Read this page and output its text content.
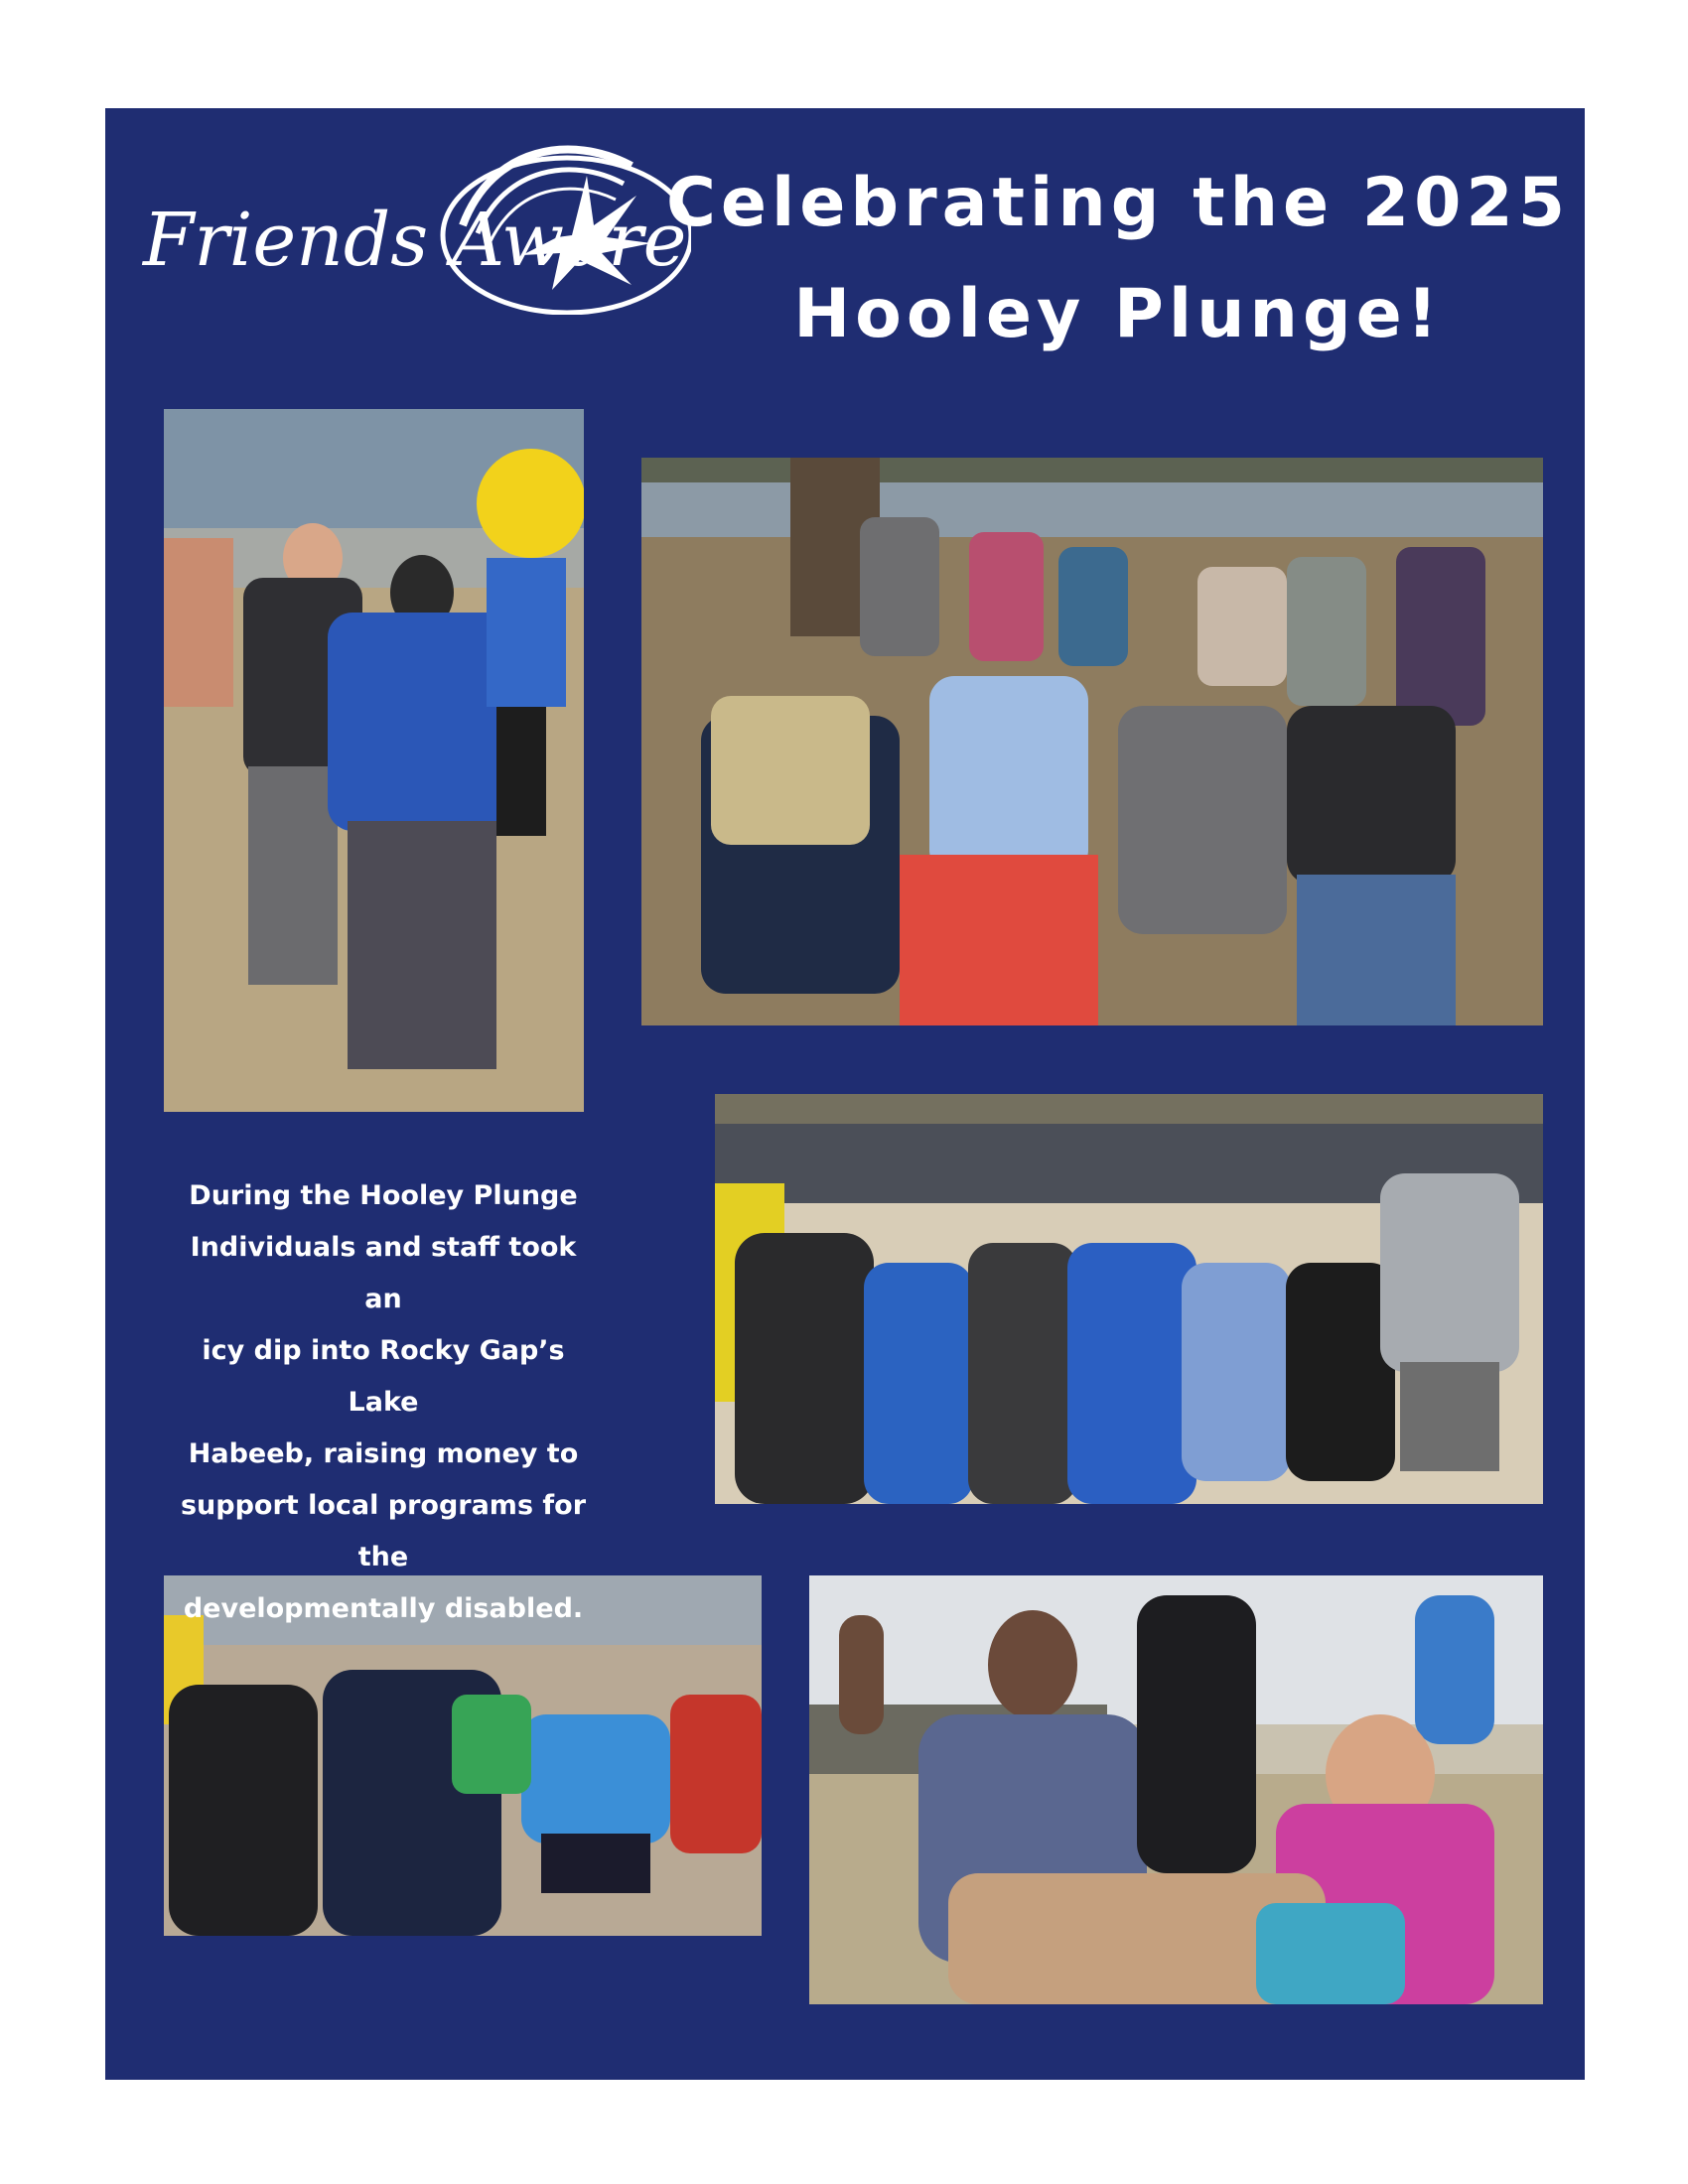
Friends Aware
Celebrating the 2025
Hooley Plunge!
During the Hooley Plunge
Individuals and staff took an
icy dip into Rocky Gap’s Lake
Habeeb, raising money to
support local programs for the
developmentally disabled.
